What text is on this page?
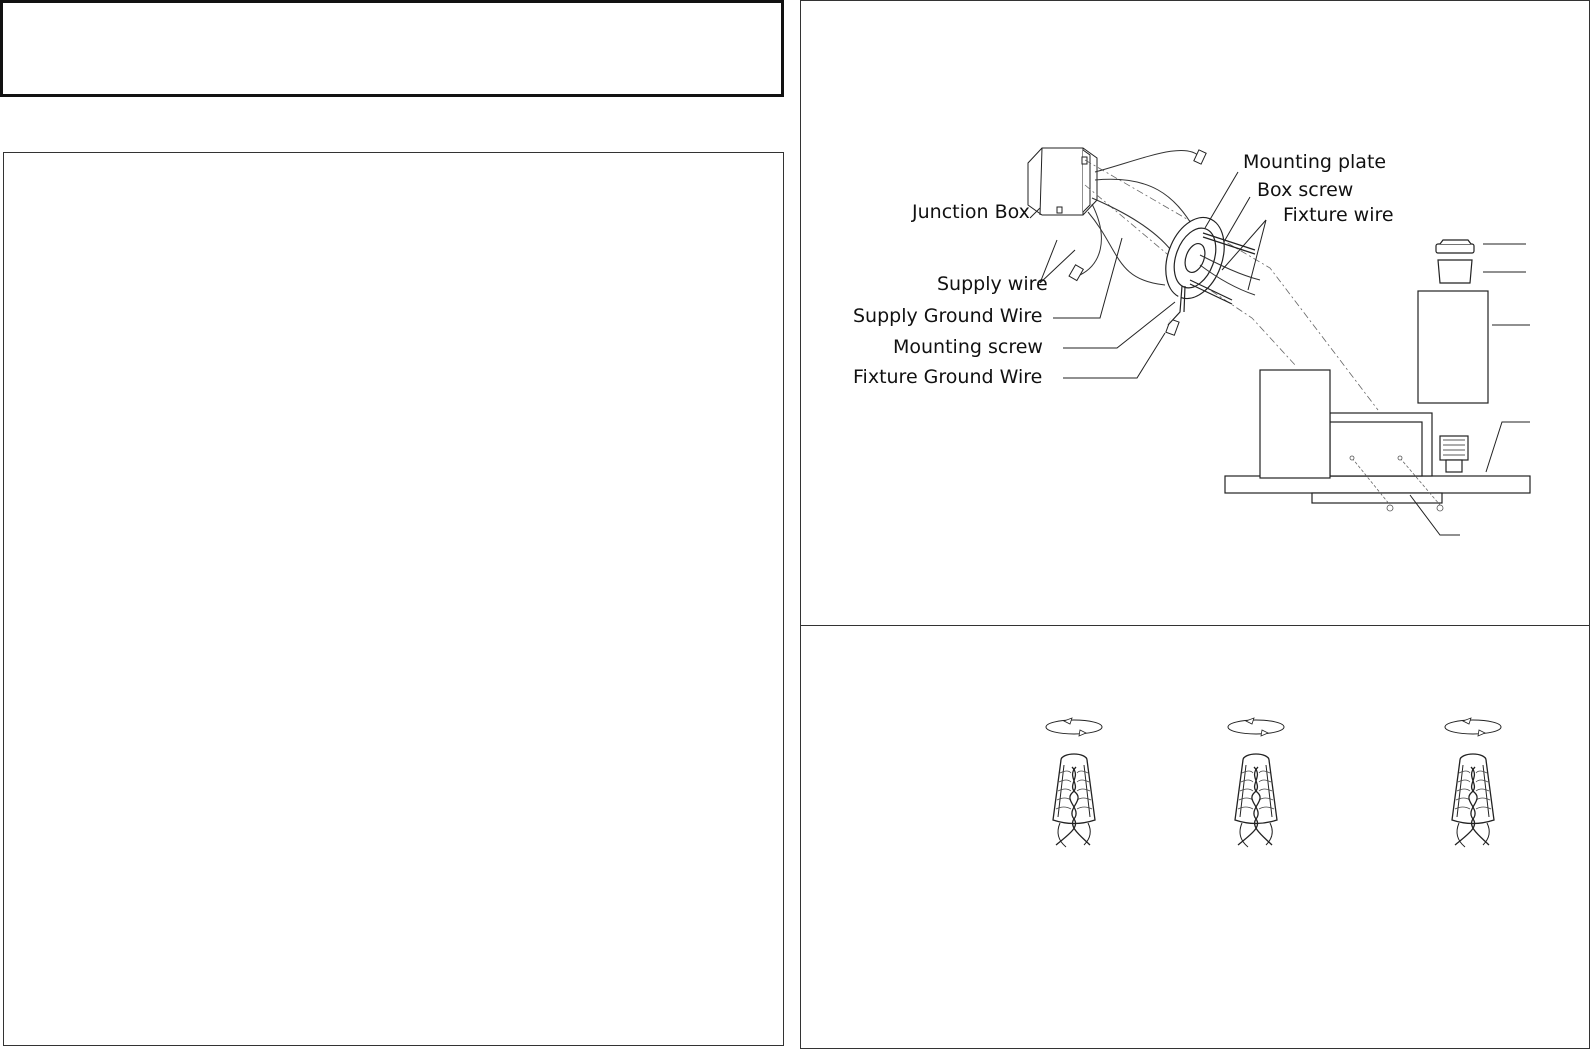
Mounting plate
Box screw
Fixture wire
Junction Box
Supply wire
Supply Ground Wire
Mounting screw
Fixture Ground Wire
